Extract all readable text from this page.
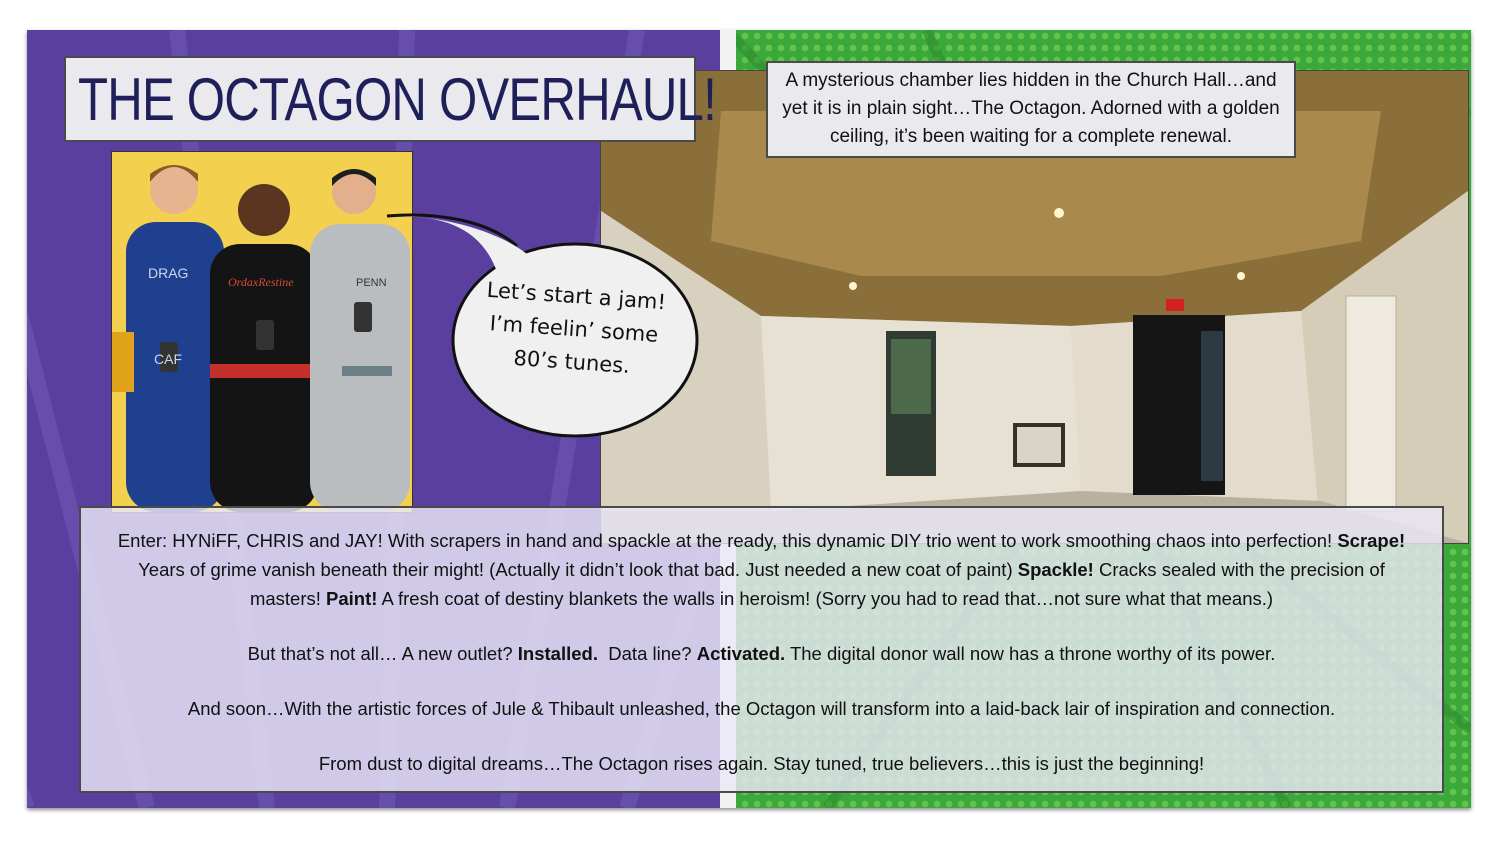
THE OCTAGON OVERHAUL!
DRAG
CAF
OrdaxRestine	PENN	Let’s start a jam!
I’m feelin’ some
80’s tunes.
A mysterious chamber lies hidden in the Church Hall…and
yet it is in plain sight…The Octagon. Adorned with a golden
ceiling, it’s been waiting for a complete renewal.
Enter: HYNiFF, CHRIS and JAY! With scrapers in hand and spackle at the ready, this dynamic DIY trio went to work smoothing chaos into perfection! Scrape! Years of grime vanish beneath their might! (Actually it didn’t look that bad. Just needed a new coat of paint) Spackle! Cracks sealed with the precision of masters! Paint! A fresh coat of destiny blankets the walls in heroism! (Sorry you had to read that…not sure what that means.)
But that’s not all… A new outlet? Installed.  Data line? Activated. The digital donor wall now has a throne worthy of its power.
And soon…With the artistic forces of Jule & Thibault unleashed, the Octagon will transform into a laid-back lair of inspiration and connection.
From dust to digital dreams…The Octagon rises again. Stay tuned, true believers…this is just the beginning!
